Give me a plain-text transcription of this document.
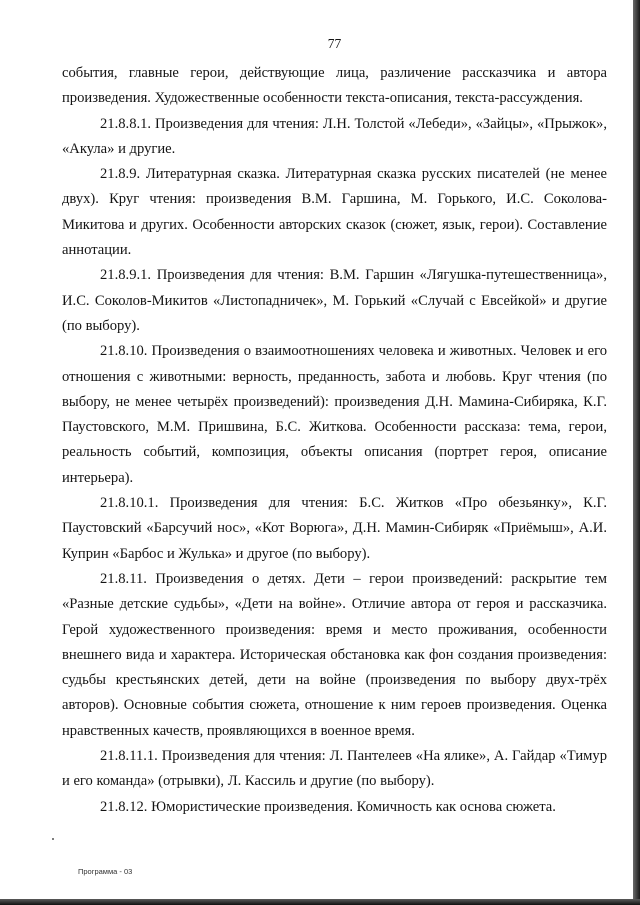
77

события, главные герои, действующие лица, различение рассказчика и автора произведения. Художественные особенности текста-описания, текста-рассуждения.

21.8.8.1. Произведения для чтения: Л.Н. Толстой «Лебеди», «Зайцы», «Прыжок», «Акула» и другие.

21.8.9. Литературная сказка. Литературная сказка русских писателей (не менее двух). Круг чтения: произведения В.М. Гаршина, М. Горького, И.С. Соколова-Микитова и других. Особенности авторских сказок (сюжет, язык, герои). Составление аннотации.

21.8.9.1. Произведения для чтения: В.М. Гаршин «Лягушка-путешественница», И.С. Соколов-Микитов «Листопадничек», М. Горький «Случай с Евсейкой» и другие (по выбору).

21.8.10. Произведения о взаимоотношениях человека и животных. Человек и его отношения с животными: верность, преданность, забота и любовь. Круг чтения (по выбору, не менее четырёх произведений): произведения Д.Н. Мамина-Сибиряка, К.Г. Паустовского, М.М. Пришвина, Б.С. Житкова. Особенности рассказа: тема, герои, реальность событий, композиция, объекты описания (портрет героя, описание интерьера).

21.8.10.1. Произведения для чтения: Б.С. Житков «Про обезьянку», К.Г. Паустовский «Барсучий нос», «Кот Ворюга», Д.Н. Мамин-Сибиряк «Приёмыш», А.И. Куприн «Барбос и Жулька» и другое (по выбору).

21.8.11. Произведения о детях. Дети – герои произведений: раскрытие тем «Разные детские судьбы», «Дети на войне». Отличие автора от героя и рассказчика. Герой художественного произведения: время и место проживания, особенности внешнего вида и характера. Историческая обстановка как фон создания произведения: судьбы крестьянских детей, дети на войне (произведения по выбору двух-трёх авторов). Основные события сюжета, отношение к ним героев произведения. Оценка нравственных качеств, проявляющихся в военное время.

21.8.11.1. Произведения для чтения: Л. Пантелеев «На ялике», А. Гайдар «Тимур и его команда» (отрывки), Л. Кассиль и другие (по выбору).

21.8.12. Юмористические произведения. Комичность как основа сюжета.

Программа - 03
